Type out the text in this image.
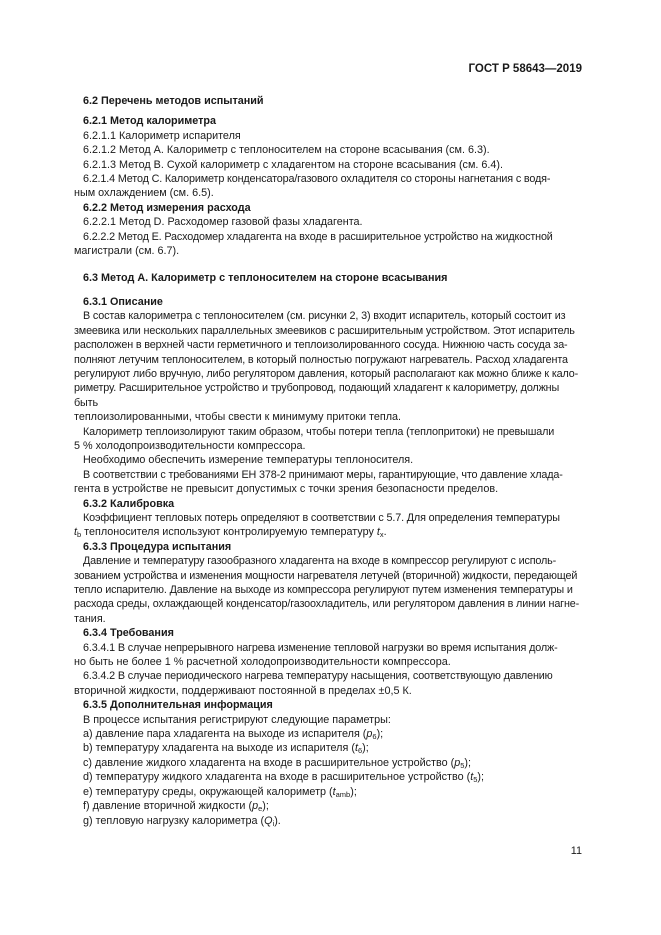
ГОСТ Р 58643—2019

6.2 Перечень методов испытаний

6.2.1 Метод калориметра

6.2.1.1 Калориметр испарителя

6.2.1.2 Метод А. Калориметр с теплоносителем на стороне всасывания (см. 6.3).

6.2.1.3 Метод В. Сухой калориметр с хладагентом на стороне всасывания (см. 6.4).

6.2.1.4 Метод С. Калориметр конденсатора/газового охладителя со стороны нагнетания с водя-

ным охлаждением (см. 6.5).

6.2.2 Метод измерения расхода

6.2.2.1 Метод D. Расходомер газовой фазы хладагента.

6.2.2.2 Метод Е. Расходомер хладагента на входе в расширительное устройство на жидкостной

магистрали (см. 6.7).

6.3 Метод А. Калориметр с теплоносителем на стороне всасывания

6.3.1 Описание

В состав калориметра с теплоносителем (см. рисунки 2, 3) входит испаритель, который состоит из

змеевика или нескольких параллельных змеевиков с расширительным устройством. Этот испаритель

расположен в верхней части герметичного и теплоизолированного сосуда. Нижнюю часть сосуда за-

полняют летучим теплоносителем, в который полностью погружают нагреватель. Расход хладагента

регулируют либо вручную, либо регулятором давления, который располагают как можно ближе к кало-

риметру. Расширительное устройство и трубопровод, подающий хладагент к калориметру, должны быть

теплоизолированными, чтобы свести к минимуму притоки тепла.

Калориметр теплоизолируют таким образом, чтобы потери тепла (теплопритоки) не превышали

5 % холодопроизводительности компрессора.

Необходимо обеспечить измерение температуры теплоносителя.

В соответствии с требованиями ЕН 378-2 принимают меры, гарантирующие, что давление хлада-

гента в устройстве не превысит допустимых с точки зрения безопасности пределов.

6.3.2 Калибровка

Коэффициент тепловых потерь определяют в соответствии с 5.7. Для определения температуры

$t_b$ теплоносителя используют контролируемую температуру $t_x$.

6.3.3 Процедура испытания

Давление и температуру газообразного хладагента на входе в компрессор регулируют с исполь-

зованием устройства и изменения мощности нагревателя летучей (вторичной) жидкости, передающей

тепло испарителю. Давление на выходе из компрессора регулируют путем изменения температуры и

расхода среды, охлаждающей конденсатор/газоохладитель, или регулятором давления в линии нагне-

тания.

6.3.4 Требования

6.3.4.1 В случае непрерывного нагрева изменение тепловой нагрузки во время испытания долж-

но быть не более 1 % расчетной холодопроизводительности компрессора.

6.3.4.2 В случае периодического нагрева температуру насыщения, соответствующую давлению

вторичной жидкости, поддерживают постоянной в пределах ±0,5 К.

6.3.5 Дополнительная информация

В процессе испытания регистрируют следующие параметры:

a) давление пара хладагента на выходе из испарителя $(p_6)$;

b) температуру хладагента на выходе из испарителя $(t_6)$;

c) давление жидкого хладагента на входе в расширительное устройство $(p_5)$;

d) температуру жидкого хладагента на входе в расширительное устройство $(t_5)$;

e) температуру среды, окружающей калориметр $(t_{amb})$;

f) давление вторичной жидкости $(p_e)$;

g) тепловую нагрузку калориметра $(Q_i)$.

11
